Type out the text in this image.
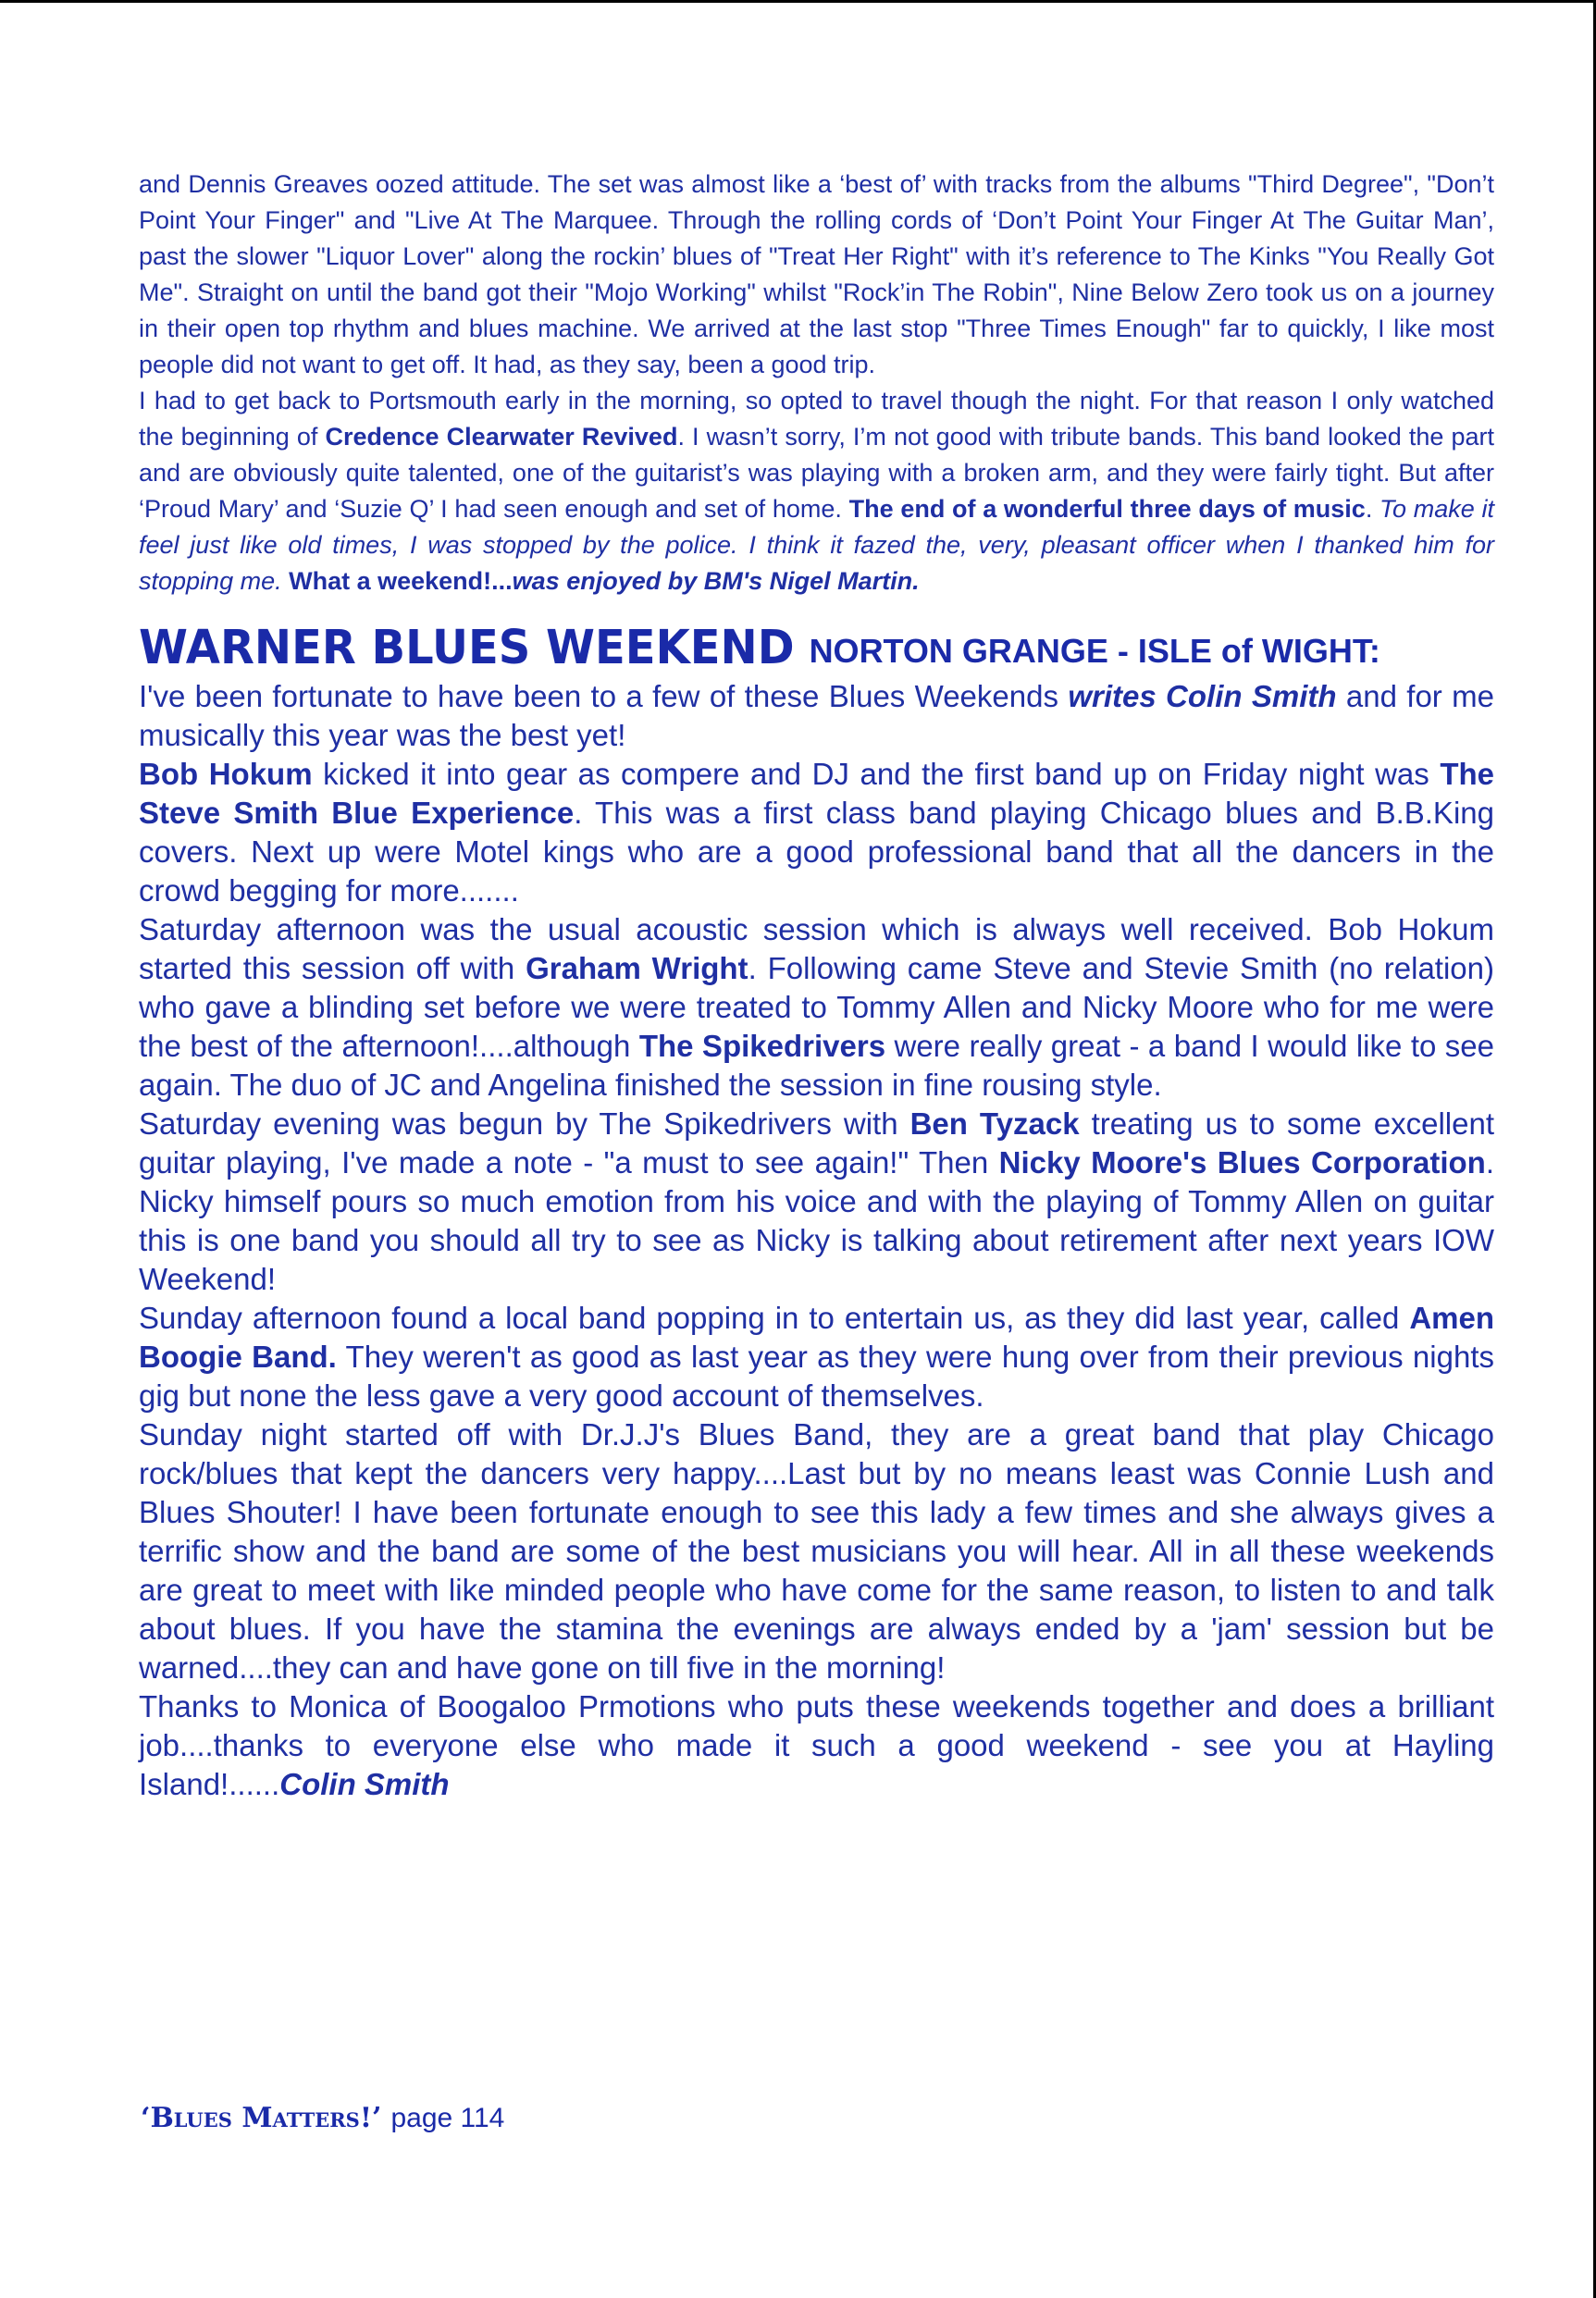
and Dennis Greaves oozed attitude. The set was almost like a ‘best of’ with tracks from the albums "Third Degree", "Don’t Point Your Finger" and "Live At The Marquee. Through the rolling cords of ‘Don’t Point Your Finger At The Guitar Man’, past the slower "Liquor Lover" along the rockin’ blues of "Treat Her Right" with it’s reference to The Kinks "You Really Got Me". Straight on until the band got their "Mojo Working" whilst "Rock’in The Robin", Nine Below Zero took us on a journey in their open top rhythm and blues machine. We arrived at the last stop "Three Times Enough" far to quickly, I like most people did not want to get off. It had, as they say, been a good trip.

I had to get back to Portsmouth early in the morning, so opted to travel though the night. For that reason I only watched the beginning of Credence Clearwater Revived. I wasn’t sorry, I’m not good with tribute bands. This band looked the part and are obviously quite talented, one of the guitarist’s was playing with a broken arm, and they were fairly tight. But after ‘Proud Mary’ and ‘Suzie Q’ I had seen enough and set of home. The end of a wonderful three days of music. To make it feel just like old times, I was stopped by the police. I think it fazed the, very, pleasant officer when I thanked him for stopping me. What a weekend!...was enjoyed by BM's Nigel Martin.

WARNER BLUES WEEKEND NORTON GRANGE - ISLE of WIGHT:

I've been fortunate to have been to a few of these Blues Weekends writes Colin Smith and for me musically this year was the best yet!

Bob Hokum kicked it into gear as compere and DJ and the first band up on Friday night was The Steve Smith Blue Experience. This was a first class band playing Chicago blues and B.B.King covers. Next up were Motel kings who are a good professional band that all the dancers in the crowd begging for more.......

Saturday afternoon was the usual acoustic session which is always well received. Bob Hokum started this session off with Graham Wright. Following came Steve and Stevie Smith (no relation) who gave a blinding set before we were treated to Tommy Allen and Nicky Moore who for me were the best of the afternoon!....although The Spikedrivers were really great - a band I would like to see again. The duo of JC and Angelina finished the session in fine rousing style.

Saturday evening was begun by The Spikedrivers with Ben Tyzack treating us to some excellent guitar playing, I've made a note - "a must to see again!" Then Nicky Moore's Blues Corporation. Nicky himself pours so much emotion from his voice and with the playing of Tommy Allen on guitar this is one band you should all try to see as Nicky is talking about retirement after next years IOW Weekend!

Sunday afternoon found a local band popping in to entertain us, as they did last year, called Amen Boogie Band. They weren't as good as last year as they were hung over from their previous nights gig but none the less gave a very good account of themselves.

Sunday night started off with Dr.J.J's Blues Band, they are a great band that play Chicago rock/blues that kept the dancers very happy....Last but by no means least was Connie Lush and Blues Shouter! I have been fortunate enough to see this lady a few times and she always gives a terrific show and the band are some of the best musicians you will hear. All in all these weekends are great to meet with like minded people who have come for the same reason, to listen to and talk about blues. If you have the stamina the evenings are always ended by a 'jam' session but be warned....they can and have gone on till five in the morning!

Thanks to Monica of Boogaloo Prmotions who puts these weekends together and does a brilliant job....thanks to everyone else who made it such a good weekend - see you at Hayling Island!......Colin Smith

‘Blues Matters!’ page 114
